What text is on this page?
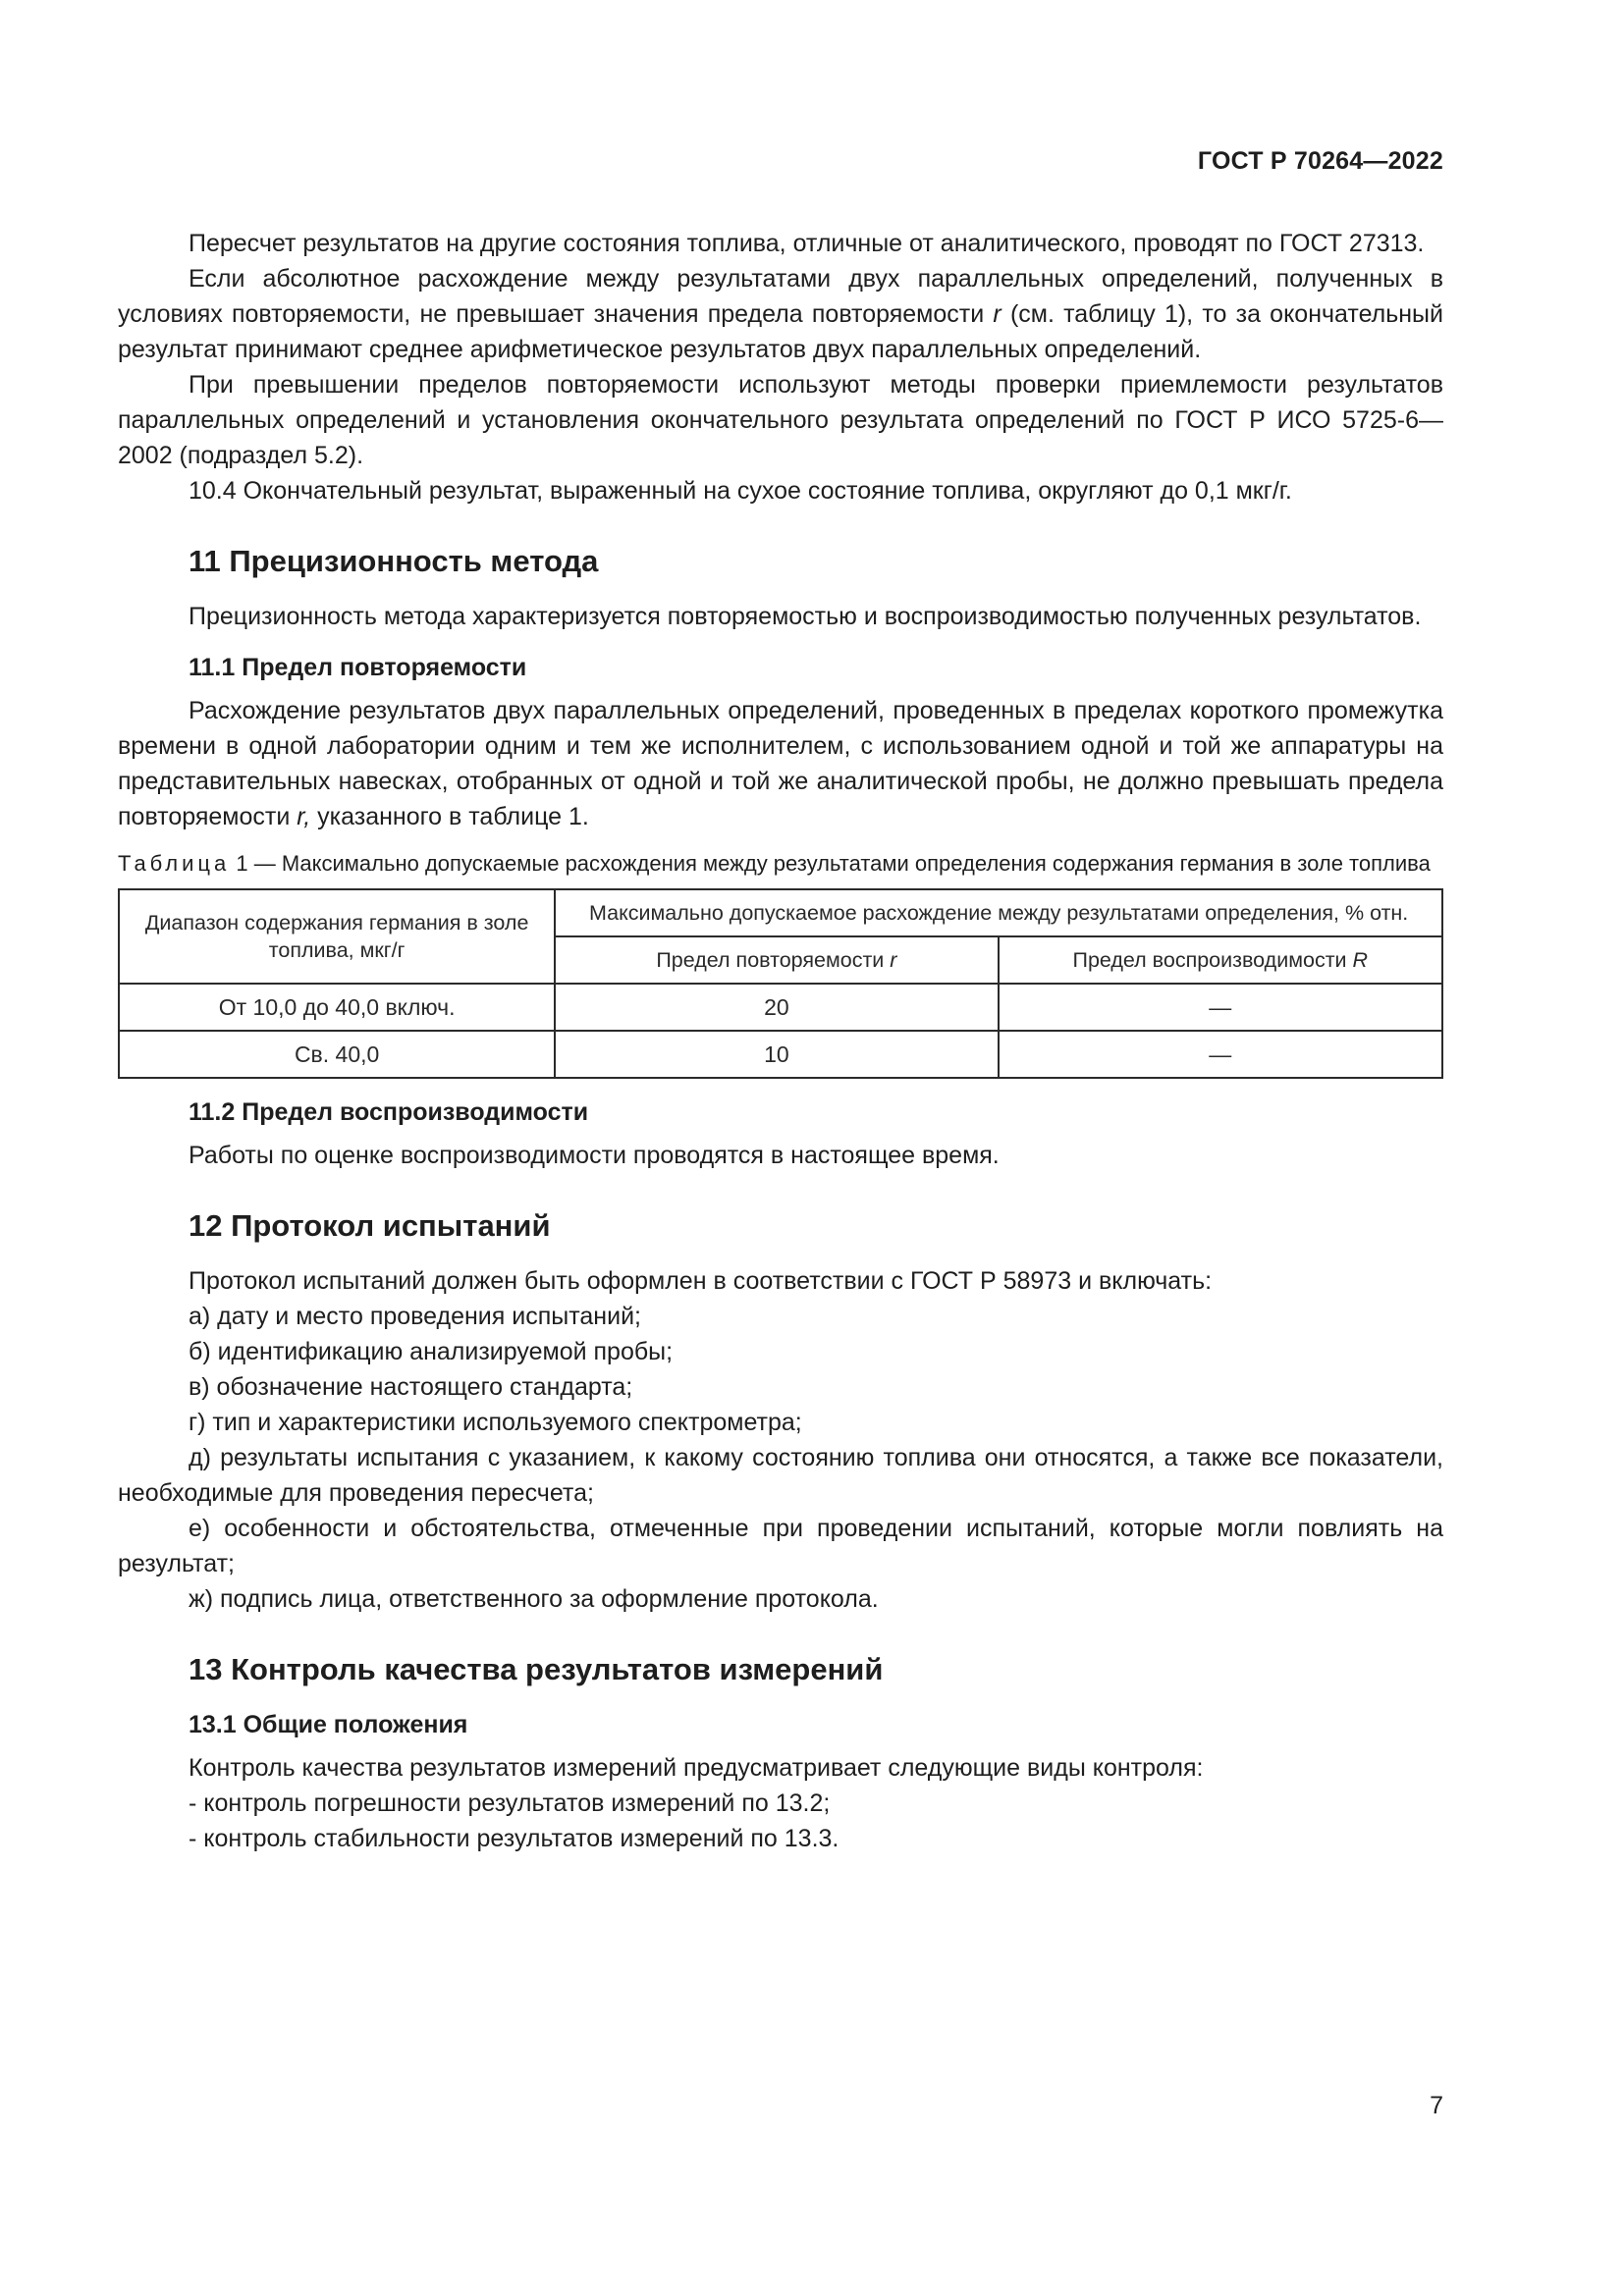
ГОСТ Р 70264—2022

Пересчет результатов на другие состояния топлива, отличные от аналитического, проводят по ГОСТ 27313.

Если абсолютное расхождение между результатами двух параллельных определений, полученных в условиях повторяемости, не превышает значения предела повторяемости r (см. таблицу 1), то за окончательный результат принимают среднее арифметическое результатов двух параллельных определений.

При превышении пределов повторяемости используют методы проверки приемлемости результатов параллельных определений и установления окончательного результата определений по ГОСТ Р ИСО 5725-6—2002 (подраздел 5.2).

10.4 Окончательный результат, выраженный на сухое состояние топлива, округляют до 0,1 мкг/г.

11 Прецизионность метода

Прецизионность метода характеризуется повторяемостью и воспроизводимостью полученных результатов.

11.1 Предел повторяемости

Расхождение результатов двух параллельных определений, проведенных в пределах короткого промежутка времени в одной лаборатории одним и тем же исполнителем, с использованием одной и той же аппаратуры на представительных навесках, отобранных от одной и той же аналитической пробы, не должно превышать предела повторяемости r, указанного в таблице 1.

Таблица 1 — Максимально допускаемые расхождения между результатами определения содержания германия в золе топлива

Диапазон содержания германия в золе топлива, мкг/г	Максимально допускаемое расхождение между результатами определения, % отн.	
	Предел повторяемости r	Предел воспроизводимости R
От 10,0 до 40,0 включ.	20	—
Св. 40,0	10	—
11.2 Предел воспроизводимости

Работы по оценке воспроизводимости проводятся в настоящее время.

12 Протокол испытаний

Протокол испытаний должен быть оформлен в соответствии с ГОСТ Р 58973 и включать:

а) дату и место проведения испытаний;

б) идентификацию анализируемой пробы;

в) обозначение настоящего стандарта;

г) тип и характеристики используемого спектрометра;

д) результаты испытания с указанием, к какому состоянию топлива они относятся, а также все показатели, необходимые для проведения пересчета;

е) особенности и обстоятельства, отмеченные при проведении испытаний, которые могли повлиять на результат;

ж) подпись лица, ответственного за оформление протокола.

13 Контроль качества результатов измерений
13.1 Общие положения

Контроль качества результатов измерений предусматривает следующие виды контроля:

- контроль погрешности результатов измерений по 13.2;

- контроль стабильности результатов измерений по 13.3.

7
